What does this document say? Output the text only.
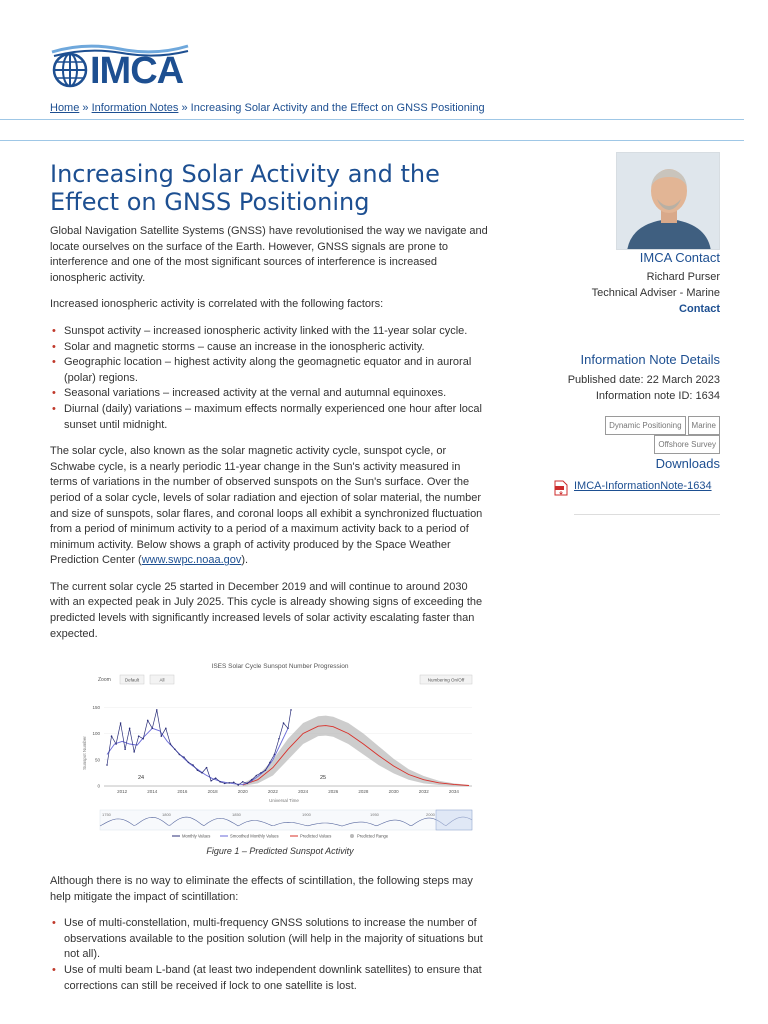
IMCA
Home » Information Notes » Increasing Solar Activity and the Effect on GNSS Positioning
Increasing Solar Activity and the Effect on GNSS Positioning

Global Navigation Satellite Systems (GNSS) have revolutionised the way we navigate and locate ourselves on the surface of the Earth. However, GNSS signals are prone to interference and one of the most significant sources of interference is increased ionospheric activity.

Increased ionospheric activity is correlated with the following factors:

• Sunspot activity – increased ionospheric activity linked with the 11-year solar cycle.
• Solar and magnetic storms – cause an increase in the ionospheric activity.
• Geographic location – highest activity along the geomagnetic equator and in auroral (polar) regions.
• Seasonal variations – increased activity at the vernal and autumnal equinoxes.
• Diurnal (daily) variations – maximum effects normally experienced one hour after local sunset until midnight.

The solar cycle, also known as the solar magnetic activity cycle, sunspot cycle, or Schwabe cycle, is a nearly periodic 11-year change in the Sun's activity measured in terms of variations in the number of observed sunspots on the Sun's surface. Over the period of a solar cycle, levels of solar radiation and ejection of solar material, the number and size of sunspots, solar flares, and coronal loops all exhibit a synchronized fluctuation from a period of minimum activity to a period of a maximum activity back to a period of minimum activity. Below shows a graph of activity produced by the Space Weather Prediction Center (www.swpc.noaa.gov).

The current solar cycle 25 started in December 2019 and will continue to around 2030 with an expected peak in July 2025. This cycle is already showing signs of exceeding the predicted levels with significantly increased levels of solar activity escalating faster than expected.

ISES Solar Cycle Sunspot Number Progression
Zoom	Default	All	Numbering On/Off
Sunspot Number
Universal Time
0
50
100
150
2012	2014	2016	2018	2020	2022	2024	2026	2028	2030	2032	2034
24	25
1750	1800	1850	1900	1950	2000
Monthly Values	Smoothed Monthly Values	Predicted Values	Predicted Range
Figure 1 – Predicted Sunspot Activity

Although there is no way to eliminate the effects of scintillation, the following steps may help mitigate the impact of scintillation:

• Use of multi-constellation, multi-frequency GNSS solutions to increase the number of observations available to the position solution (will help in the majority of situations but not all).
• Use of multi beam L-band (at least two independent downlink satellites) to ensure that corrections can still be received if lock to one satellite is lost.
IMCA Contact
Richard Purser
Technical Adviser - Marine
Contact
Information Note Details
Published date: 22 March 2023
Information note ID: 1634
Dynamic Positioning Marine
Offshore Survey
Downloads
IMCA-InformationNote-1634
